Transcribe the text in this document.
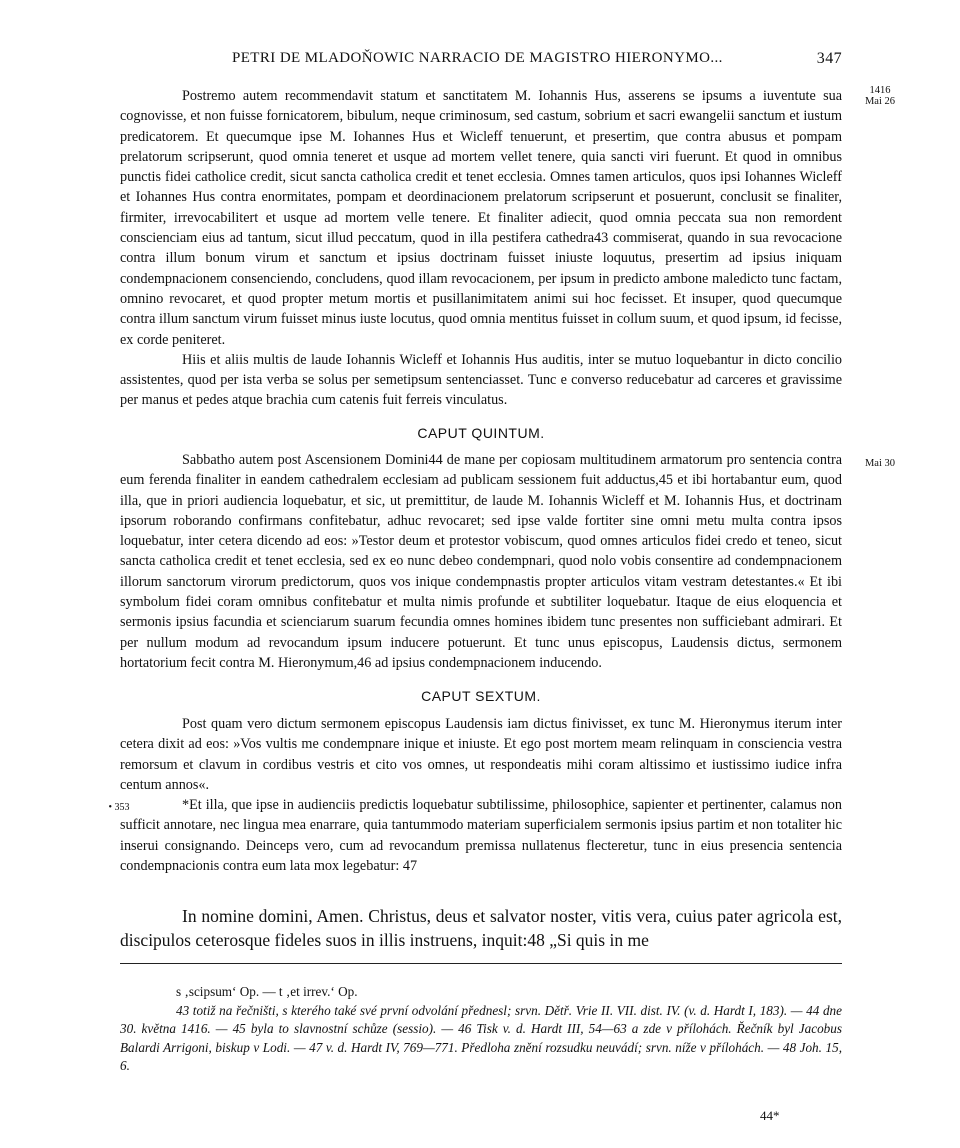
PETRI DE MLADOŇOWIC NARRACIO DE MAGISTRO HIERONYMO...	347
1416
Mai 26
Mai 30
• 353

Postremo autem recommendavit statum et sanctitatem M. Iohannis Hus, asserens se ipsums a iuventute sua cognovisse, et non fuisse fornicatorem, bibulum, neque criminosum, sed castum, sobrium et sacri ewangelii sanctum et iustum predicatorem. Et quecumque ipse M. Iohannes Hus et Wicleff tenuerunt, et presertim, que contra abusus et pompam prelatorum scripserunt, quod omnia teneret et usque ad mortem vellet tenere, quia sancti viri fuerunt. Et quod in omnibus punctis fidei catholice credit, sicut sancta catholica credit et tenet ecclesia. Omnes tamen articulos, quos ipsi Iohannes Wicleff et Iohannes Hus contra enormitates, pompam et deordinacionem prelatorum scripserunt et posuerunt, conclusit se finaliter, firmiter, irrevocabilitert et usque ad mortem velle tenere. Et finaliter adiecit, quod omnia peccata sua non remordent conscienciam eius ad tantum, sicut illud peccatum, quod in illa pestifera cathedra43 commiserat, quando in sua revocacione contra illum bonum virum et sanctum et ipsius doctrinam fuisset iniuste loquutus, presertim ad ipsius iniquam condempnacionem consenciendo, concludens, quod illam revocacionem, per ipsum in predicto ambone maledicto tunc factam, omnino revocaret, et quod propter metum mortis et pusillanimitatem animi sui hoc fecisset. Et insuper, quod quecumque contra illum sanctum virum fuisset minus iuste locutus, quod omnia mentitus fuisset in collum suum, et quod ipsum, id fecisse, ex corde peniteret.

Hiis et aliis multis de laude Iohannis Wicleff et Iohannis Hus auditis, inter se mutuo loquebantur in dicto concilio assistentes, quod per ista verba se solus per semetipsum sentenciasset. Tunc e converso reducebatur ad carceres et gravissime per manus et pedes atque brachia cum catenis fuit ferreis vinculatus.

CAPUT QUINTUM.

Sabbatho autem post Ascensionem Domini44 de mane per copiosam multitudinem armatorum pro sentencia contra eum ferenda finaliter in eandem cathedralem ecclesiam ad publicam sessionem fuit adductus,45 et ibi hortabantur eum, quod illa, que in priori audiencia loquebatur, et sic, ut premittitur, de laude M. Iohannis Wicleff et M. Iohannis Hus, et doctrinam ipsorum roborando confirmans confitebatur, adhuc revocaret; sed ipse valde fortiter sine omni metu multa contra ipsos loquebatur, inter cetera dicendo ad eos: »Testor deum et protestor vobiscum, quod omnes articulos fidei credo et teneo, sicut sancta catholica credit et tenet ecclesia, sed ex eo nunc debeo condempnari, quod nolo vobis consentire ad condempnacionem illorum sanctorum virorum predictorum, quos vos inique condempnastis propter articulos vitam vestram detestantes.« Et ibi symbolum fidei coram omnibus confitebatur et multa nimis profunde et subtiliter loquebatur. Itaque de eius eloquencia et sermonis ipsius facundia et scienciarum suarum fecundia omnes homines ibidem tunc presentes non sufficiebant admirari. Et per nullum modum ad revocandum ipsum inducere potuerunt. Et tunc unus episcopus, Laudensis dictus, sermonem hortatorium fecit contra M. Hieronymum,46 ad ipsius condempnacionem inducendo.

CAPUT SEXTUM.

Post quam vero dictum sermonem episcopus Laudensis iam dictus finivisset, ex tunc M. Hieronymus iterum inter cetera dixit ad eos: »Vos vultis me condempnare inique et iniuste. Et ego post mortem meam relinquam in consciencia vestra remorsum et clavum in cordibus vestris et cito vos omnes, ut respondeatis mihi coram altissimo et iustissimo iudice infra centum annos«.

*Et illa, que ipse in audienciis predictis loquebatur subtilissime, philosophice, sapienter et pertinenter, calamus non sufficit annotare, nec lingua mea enarrare, quia tantummodo materiam superficialem sermonis ipsius partim et non totaliter hic inserui consignando. Deinceps vero, cum ad revocandum premissa nullatenus flecteretur, tunc in eius presencia sentencia condempnacionis contra eum lata mox legebatur: 47

In nomine domini, Amen. Christus, deus et salvator noster, vitis vera, cuius pater agricola est, discipulos ceterosque fideles suos in illis instruens, inquit:48 „Si quis in me

s ‚scipsum‘ Op. — t ‚et irrev.‘ Op.

43 totiž na řečništi, s kterého také své první odvolání přednesl; srvn. Dětř. Vrie II. VII. dist. IV. (v. d. Hardt I, 183). — 44 dne 30. května 1416. — 45 byla to slavnostní schůze (sessio). — 46 Tisk v. d. Hardt III, 54—63 a zde v přílohách. Řečník byl Jacobus Balardi Arrigoni, biskup v Lodi. — 47 v. d. Hardt IV, 769—771. Předloha znění rozsudku neuvádí; srvn. níže v přílohách. — 48 Joh. 15, 6.

44*
